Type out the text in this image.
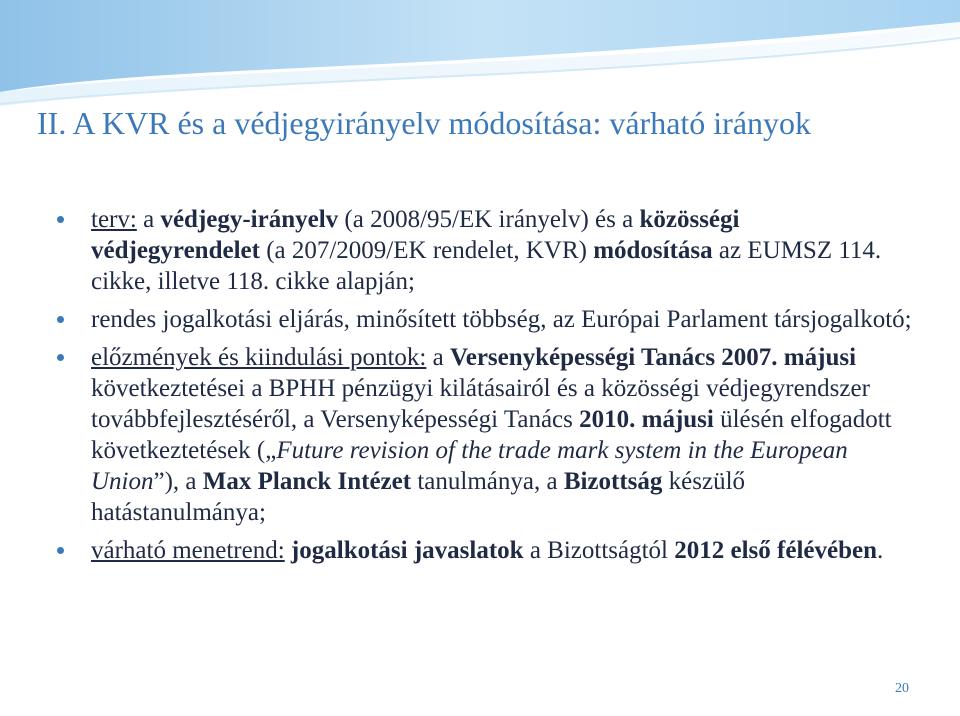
II. A KVR és a védjegyirányelv módosítása: várható irányok

terv: a védjegy-irányelv (a 2008/95/EK irányelv) és a közösségi védjegyrendelet (a 207/2009/EK rendelet, KVR) módosítása az EUMSZ 114. cikke, illetve 118. cikke alapján;

rendes jogalkotási eljárás, minősített többség, az Európai Parlament társjogalkotó;

előzmények és kiindulási pontok: a Versenyképességi Tanács 2007. májusi következtetései a BPHH pénzügyi kilátásairól és a közösségi védjegyrendszer továbbfejlesztéséről, a Versenyképességi Tanács 2010. májusi ülésén elfogadott következtetések („Future revision of the trade mark system in the European Union”), a Max Planck Intézet tanulmánya, a Bizottság készülő hatástanulmánya;

várható menetrend: jogalkotási javaslatok a Bizottságtól 2012 első félévében.

20
